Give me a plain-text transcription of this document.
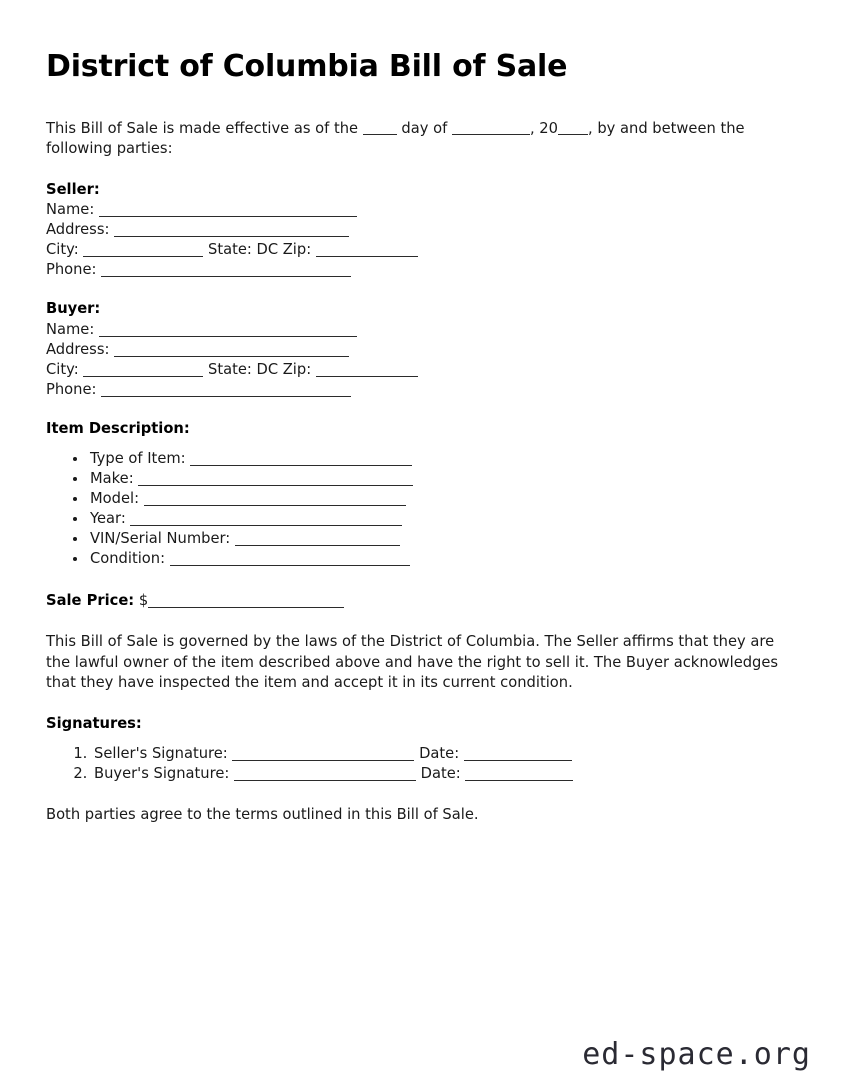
District of Columbia Bill of Sale

This Bill of Sale is made effective as of the  day of	, 20 , by and between the following parties:

Seller:
Name:
Address:
City:	State: DC Zip:
Phone:
Buyer:
Name:
Address:
City:	State: DC Zip:
Phone:
Item Description:
• Type of Item:
• Make:
• Model:
• Year:
• VIN/Serial Number:
• Condition:
Sale Price: $

This Bill of Sale is governed by the laws of the District of Columbia. The Seller affirms that they are the lawful owner of the item described above and have the right to sell it. The Buyer acknowledges that they have inspected the item and accept it in its current condition.

Signatures:
1. Seller's Signature:	Date:
2. Buyer's Signature:	Date:

Both parties agree to the terms outlined in this Bill of Sale.

ed-space.org
